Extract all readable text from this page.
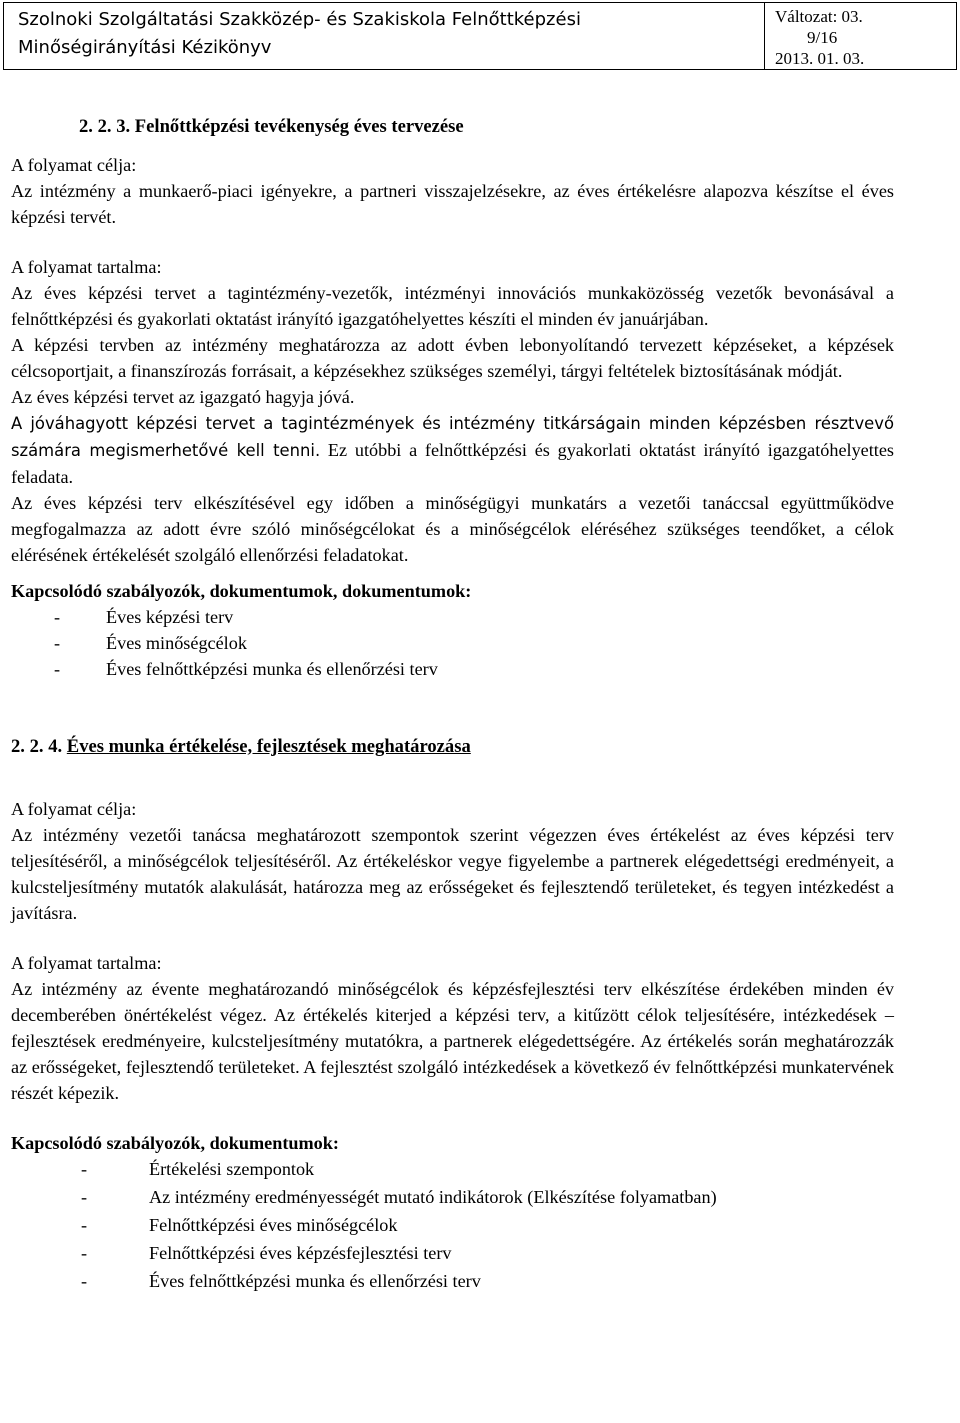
Szolnoki Szolgáltatási Szakközép- és Szakiskola Felnőttképzési
Minőségirányítási Kézikönyv
Változat: 03.
9/16
2013. 01. 03.
2. 2. 3. Felnőttképzési tevékenység éves tervezése
A folyamat célja:

Az intézmény a munkaerő-piaci igényekre, a partneri visszajelzésekre, az éves értékelésre alapozva készítse el éves képzési tervét.

A folyamat tartalma:

Az éves képzési tervet a tagintézmény-vezetők, intézményi innovációs munkaközösség vezetők bevonásával a felnőttképzési és gyakorlati oktatást irányító igazgatóhelyettes készíti el minden év januárjában.

A képzési tervben az intézmény meghatározza az adott évben lebonyolítandó tervezett képzéseket, a képzések célcsoportjait, a finanszírozás forrásait, a képzésekhez szükséges személyi, tárgyi feltételek biztosításának módját.

Az éves képzési tervet az igazgató hagyja jóvá.

A jóváhagyott képzési tervet a tagintézmények és intézmény titkárságain minden képzésben résztvevő számára megismerhetővé kell tenni. Ez utóbbi a felnőttképzési és gyakorlati oktatást irányító igazgatóhelyettes feladata.

Az éves képzési terv elkészítésével egy időben a minőségügyi munkatárs a vezetői tanáccsal együttműködve megfogalmazza az adott évre szóló minőségcélokat és a minőségcélok eléréséhez szükséges teendőket, a célok elérésének értékelését szolgáló ellenőrzési feladatokat.

Kapcsolódó szabályozók, dokumentumok, dokumentumok:
- Éves képzési terv
- Éves minőségcélok
- Éves felnőttképzési munka és ellenőrzési terv
2. 2. 4. Éves munka értékelése, fejlesztések meghatározása
A folyamat célja:

Az intézmény vezetői tanácsa meghatározott szempontok szerint végezzen éves értékelést az éves képzési terv teljesítéséről, a minőségcélok teljesítéséről. Az értékeléskor vegye figyelembe a partnerek elégedettségi eredményeit, a kulcsteljesítmény mutatók alakulását, határozza meg az erősségeket és fejlesztendő területeket, és tegyen intézkedést a javításra.

A folyamat tartalma:

Az intézmény az évente meghatározandó minőségcélok és képzésfejlesztési terv elkészítése érdekében minden év decemberében önértékelést végez. Az értékelés kiterjed a képzési terv, a kitűzött célok teljesítésére, intézkedések – fejlesztések eredményeire, kulcsteljesítmény mutatókra, a partnerek elégedettségére. Az értékelés során meghatározzák az erősségeket, fejlesztendő területeket. A fejlesztést szolgáló intézkedések a következő év felnőttképzési munkatervének részét képezik.

Kapcsolódó szabályozók, dokumentumok:
-	Értékelési szempontok
-	Az intézmény eredményességét mutató indikátorok (Elkészítése folyamatban)
-	Felnőttképzési éves minőségcélok
-	Felnőttképzési éves képzésfejlesztési terv
-	Éves felnőttképzési munka és ellenőrzési terv
